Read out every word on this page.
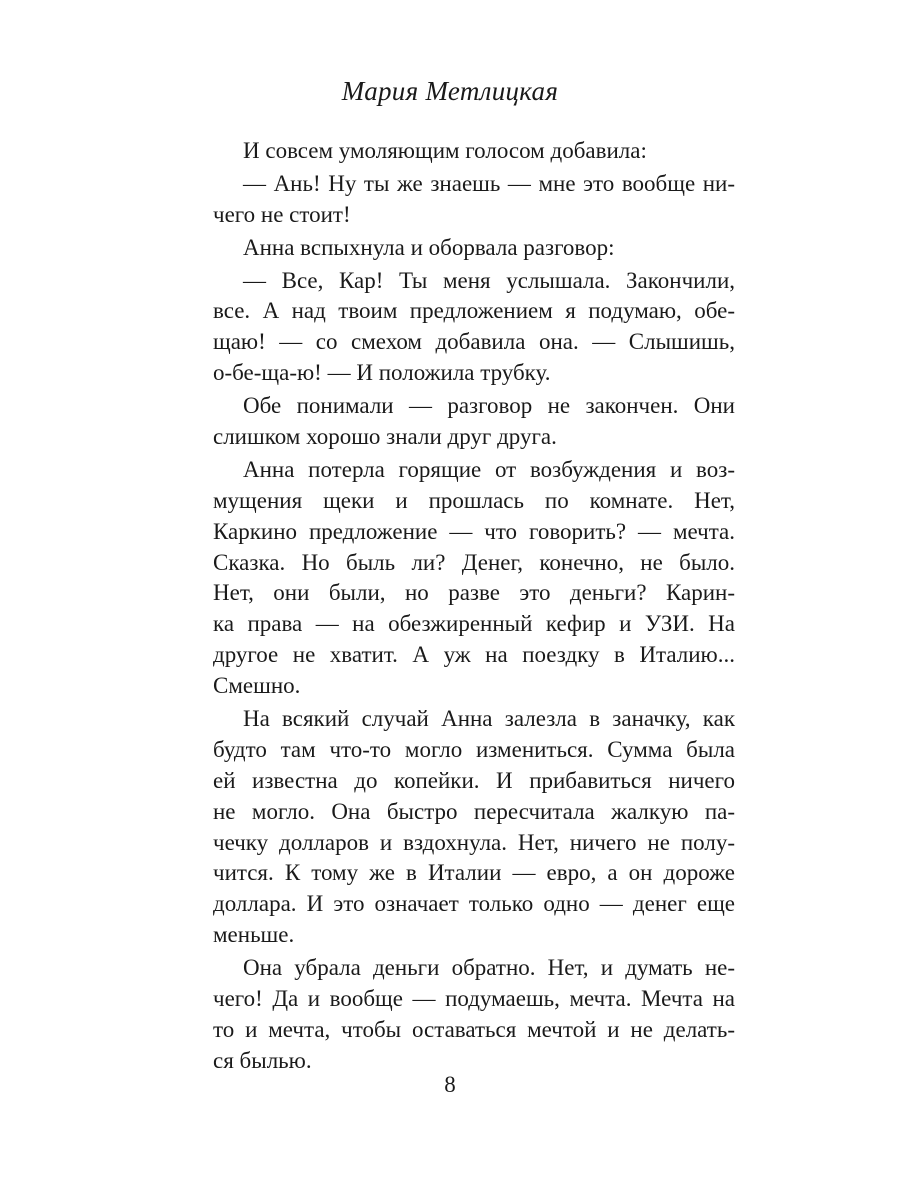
Мария Метлицкая
И совсем умоляющим голосом добавила:
— Ань! Ну ты же знаешь — мне это вообще ни-
чего не стоит!
Анна вспыхнула и оборвала разговор:
— Все, Кар! Ты меня услышала. Закончили,
все. А над твоим предложением я подумаю, обе-
щаю! — со смехом добавила она. — Слышишь,
о-бе-ща-ю! — И положила трубку.
Обе понимали — разговор не закончен. Они
слишком хорошо знали друг друга.
Анна потерла горящие от возбуждения и воз-
мущения щеки и прошлась по комнате. Нет,
Каркино предложение — что говорить? — мечта.
Сказка. Но быль ли? Денег, конечно, не было.
Нет, они были, но разве это деньги? Карин-
ка права — на обезжиренный кефир и УЗИ. На
другое не хватит. А уж на поездку в Италию...
Смешно.
На всякий случай Анна залезла в заначку, как
будто там что-то могло измениться. Сумма была
ей известна до копейки. И прибавиться ничего
не могло. Она быстро пересчитала жалкую па-
чечку долларов и вздохнула. Нет, ничего не полу-
чится. К тому же в Италии — евро, а он дороже
доллара. И это означает только одно — денег еще
меньше.
Она убрала деньги обратно. Нет, и думать не-
чего! Да и вообще — подумаешь, мечта. Мечта на
то и мечта, чтобы оставаться мечтой и не делать-
ся былью.
8
